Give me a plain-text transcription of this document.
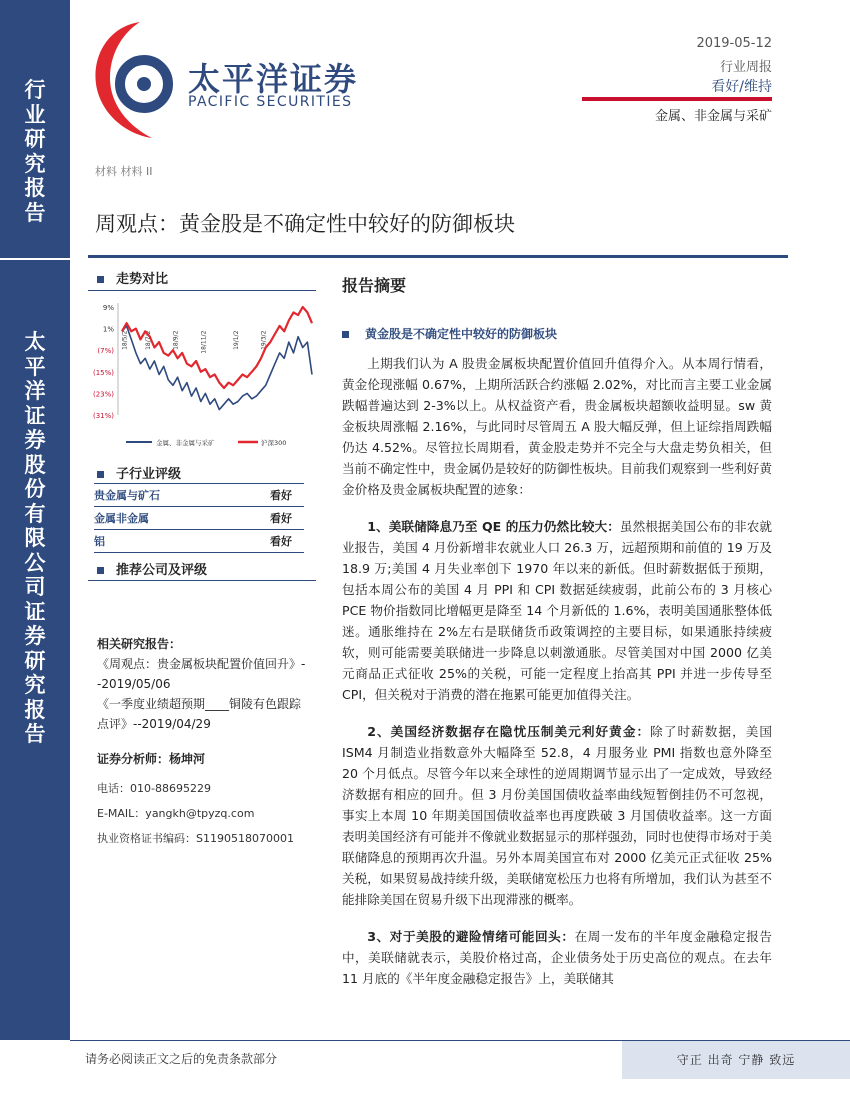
行
业
研
究
报
告
太
平
洋
证
券
股
份
有
限
公
司
证
券
研
究
报
告
太平洋证券
PACIFIC SECURITIES
2019-05-12
行业周报
看好/维持
金属、非金属与采矿
材料 材料 II
周观点：黄金股是不确定性中较好的防御板块
走势对比
9%
1%
(7%)
(15%)
(23%)
(31%)
18/5/2	18/7/2	18/9/2	18/11/2	19/1/2	19/3/2
金属、非金属与采矿	沪深300
子行业评级
贵金属与矿石	看好
金属非金属	看好
铝	看好
推荐公司及评级
相关研究报告：

《周观点：贵金属板块配置价值回升》--2019/05/06

《一季度业绩超预期____铜陵有色跟踪点评》--2019/04/29

证券分析师：杨坤河
电话：010-88695229
E-MAIL：yangkh@tpyzq.com
执业资格证书编码：S1190518070001
报告摘要
黄金股是不确定性中较好的防御板块

上期我们认为 A 股贵金属板块配置价值回升值得介入。从本周行情看，黄金伦现涨幅 0.67%，上期所活跃合约涨幅 2.02%，对比而言主要工业金属跌幅普遍达到 2-3%以上。从权益资产看，贵金属板块超额收益明显。sw 黄金板块周涨幅 2.16%，与此同时尽管周五 A 股大幅反弹，但上证综指周跌幅仍达 4.52%。尽管拉长周期看，黄金股走势并不完全与大盘走势负相关，但当前不确定性中，贵金属仍是较好的防御性板块。目前我们观察到一些利好黄金价格及贵金属板块配置的迹象：

1、美联储降息乃至 QE 的压力仍然比较大：虽然根据美国公布的非农就业报告，美国 4 月份新增非农就业人口 26.3 万，远超预期和前值的 19 万及 18.9 万;美国 4 月失业率创下 1970 年以来的新低。但时薪数据低于预期，包括本周公布的美国 4 月 PPI 和 CPI 数据延续疲弱，此前公布的 3 月核心 PCE 物价指数同比增幅更是降至 14 个月新低的 1.6%，表明美国通胀整体低迷。通胀维持在 2%左右是联储货币政策调控的主要目标，如果通胀持续疲软，则可能需要美联储进一步降息以刺激通胀。尽管美国对中国 2000 亿美元商品正式征收 25%的关税，可能一定程度上抬高其 PPI 并进一步传导至 CPI，但关税对于消费的潜在拖累可能更加值得关注。

2、美国经济数据存在隐忧压制美元利好黄金：除了时薪数据，美国 ISM4 月制造业指数意外大幅降至 52.8，4 月服务业 PMI 指数也意外降至 20 个月低点。尽管今年以来全球性的逆周期调节显示出了一定成效，导致经济数据有相应的回升。但 3 月份美国国债收益率曲线短暂倒挂仍不可忽视，事实上本周 10 年期美国国债收益率也再度跌破 3 月国债收益率。这一方面表明美国经济有可能并不像就业数据显示的那样强劲，同时也使得市场对于美联储降息的预期再次升温。另外本周美国宣布对 2000 亿美元正式征收 25%关税，如果贸易战持续升级，美联储宽松压力也将有所增加，我们认为甚至不能排除美国在贸易升级下出现滞涨的概率。

3、对于美股的避险情绪可能回头：在周一发布的半年度金融稳定报告中，美联储就表示，美股价格过高，企业债务处于历史高位的观点。在去年 11 月底的《半年度金融稳定报告》上，美联储其

请务必阅读正文之后的免责条款部分	守正 出奇 宁静 致远
